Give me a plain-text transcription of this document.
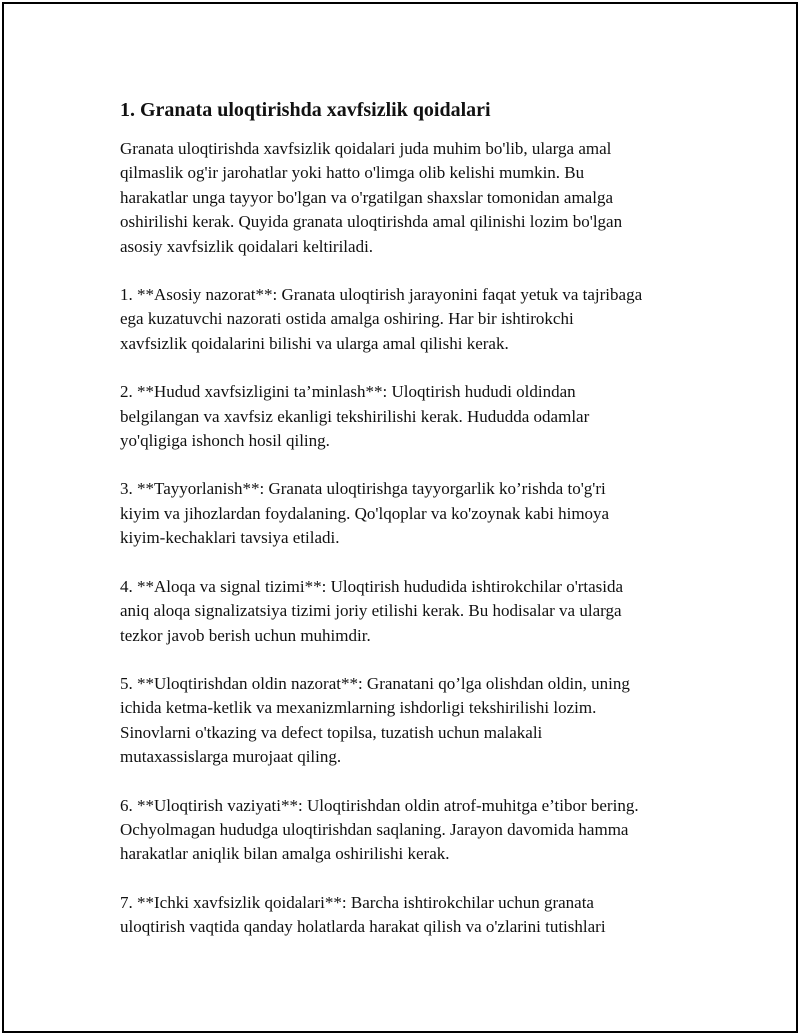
1. Granata uloqtirishda xavfsizlik qoidalari

Granata uloqtirishda xavfsizlik qoidalari juda muhim bo'lib, ularga amal
qilmaslik og'ir jarohatlar yoki hatto o'limga olib kelishi mumkin. Bu
harakatlar unga tayyor bo'lgan va o'rgatilgan shaxslar tomonidan amalga
oshirilishi kerak. Quyida granata uloqtirishda amal qilinishi lozim bo'lgan
asosiy xavfsizlik qoidalari keltiriladi.

1. **Asosiy nazorat**: Granata uloqtirish jarayonini faqat yetuk va tajribaga
ega kuzatuvchi nazorati ostida amalga oshiring. Har bir ishtirokchi
xavfsizlik qoidalarini bilishi va ularga amal qilishi kerak.

2. **Hudud xavfsizligini ta’minlash**: Uloqtirish hududi oldindan
belgilangan va xavfsiz ekanligi tekshirilishi kerak. Hududda odamlar
yo'qligiga ishonch hosil qiling.

3. **Tayyorlanish**: Granata uloqtirishga tayyorgarlik ko’rishda to'g'ri
kiyim va jihozlardan foydalaning. Qo'lqoplar va ko'zoynak kabi himoya
kiyim-kechaklari tavsiya etiladi.

4. **Aloqa va signal tizimi**: Uloqtirish hududida ishtirokchilar o'rtasida
aniq aloqa signalizatsiya tizimi joriy etilishi kerak. Bu hodisalar va ularga
tezkor javob berish uchun muhimdir.

5. **Uloqtirishdan oldin nazorat**: Granatani qo’lga olishdan oldin, uning
ichida ketma-ketlik va mexanizmlarning ishdorligi tekshirilishi lozim.
Sinovlarni o'tkazing va defect topilsa, tuzatish uchun malakali
mutaxassislarga murojaat qiling.

6. **Uloqtirish vaziyati**: Uloqtirishdan oldin atrof-muhitga e’tibor bering.
Ochyolmagan hududga uloqtirishdan saqlaning. Jarayon davomida hamma
harakatlar aniqlik bilan amalga oshirilishi kerak.

7. **Ichki xavfsizlik qoidalari**: Barcha ishtirokchilar uchun granata
uloqtirish vaqtida qanday holatlarda harakat qilish va o'zlarini tutishlari
